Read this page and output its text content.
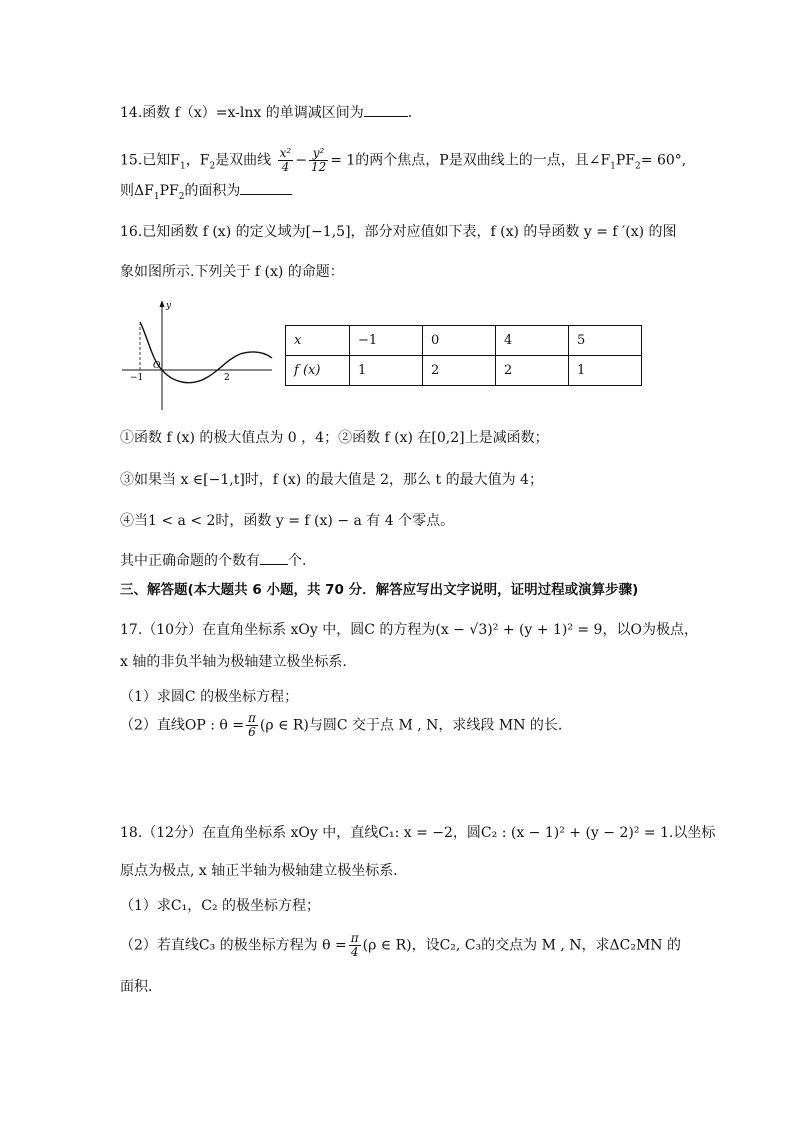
14.函数 f（x）=x-lnx 的单调减区间为	.
15.已知$F_1$，$F_2$是双曲线 $\frac{\text{x²}}{4} - \frac{\text{y²}}{12} = 1$的两个焦点，P是双曲线上的一点，且$\angle F_1PF_2= 60^\circ$,
则$\Delta F_1PF_2$的面积为
16.已知函数 f (x) 的定义域为[−1,5]，部分对应值如下表，f (x) 的导函数 y = f ′(x) 的图
象如图所示.下列关于 f (x) 的命题：
y
O
−1	2
x	−1	0	4	5
f (x)	1	2	2	1
①函数 f (x) 的极大值点为 0 ，4；②函数 f (x) 在[0,2]上是减函数；
③如果当 x ∈[−1,t]时，f (x) 的最大值是 2，那么 t 的最大值为 4；
④当1 < a < 2时，函数 y = f (x) − a 有 4 个零点。
其中正确命题的个数有 个.
三、解答题(本大题共 6 小题，共 70 分．解答应写出文字说明，证明过程或演算步骤)
17.（10分）在直角坐标系 xOy 中，圆C 的方程为(x − √3)² + (y + 1)² = 9，以O为极点，
x 轴的非负半轴为极轴建立极坐标系.
（1）求圆C 的极坐标方程；
（2）直线OP : $\theta = \frac{\pi}{6} (\rho$ ∈ R)与圆C 交于点 M , N，求线段 MN 的长.
18.（12分）在直角坐标系 xOy 中，直线C₁: x = −2，圆C₂ : (x − 1)² + (y − 2)² = 1.以坐标
原点为极点, x 轴正半轴为极轴建立极坐标系．
（1）求C₁，C₂ 的极坐标方程；
（2）若直线C₃ 的极坐标方程为 $\theta = \frac{\pi}{4} (\rho$ ∈ R)，设C₂, C₃的交点为 M , N，求ΔC₂MN 的
面积．
